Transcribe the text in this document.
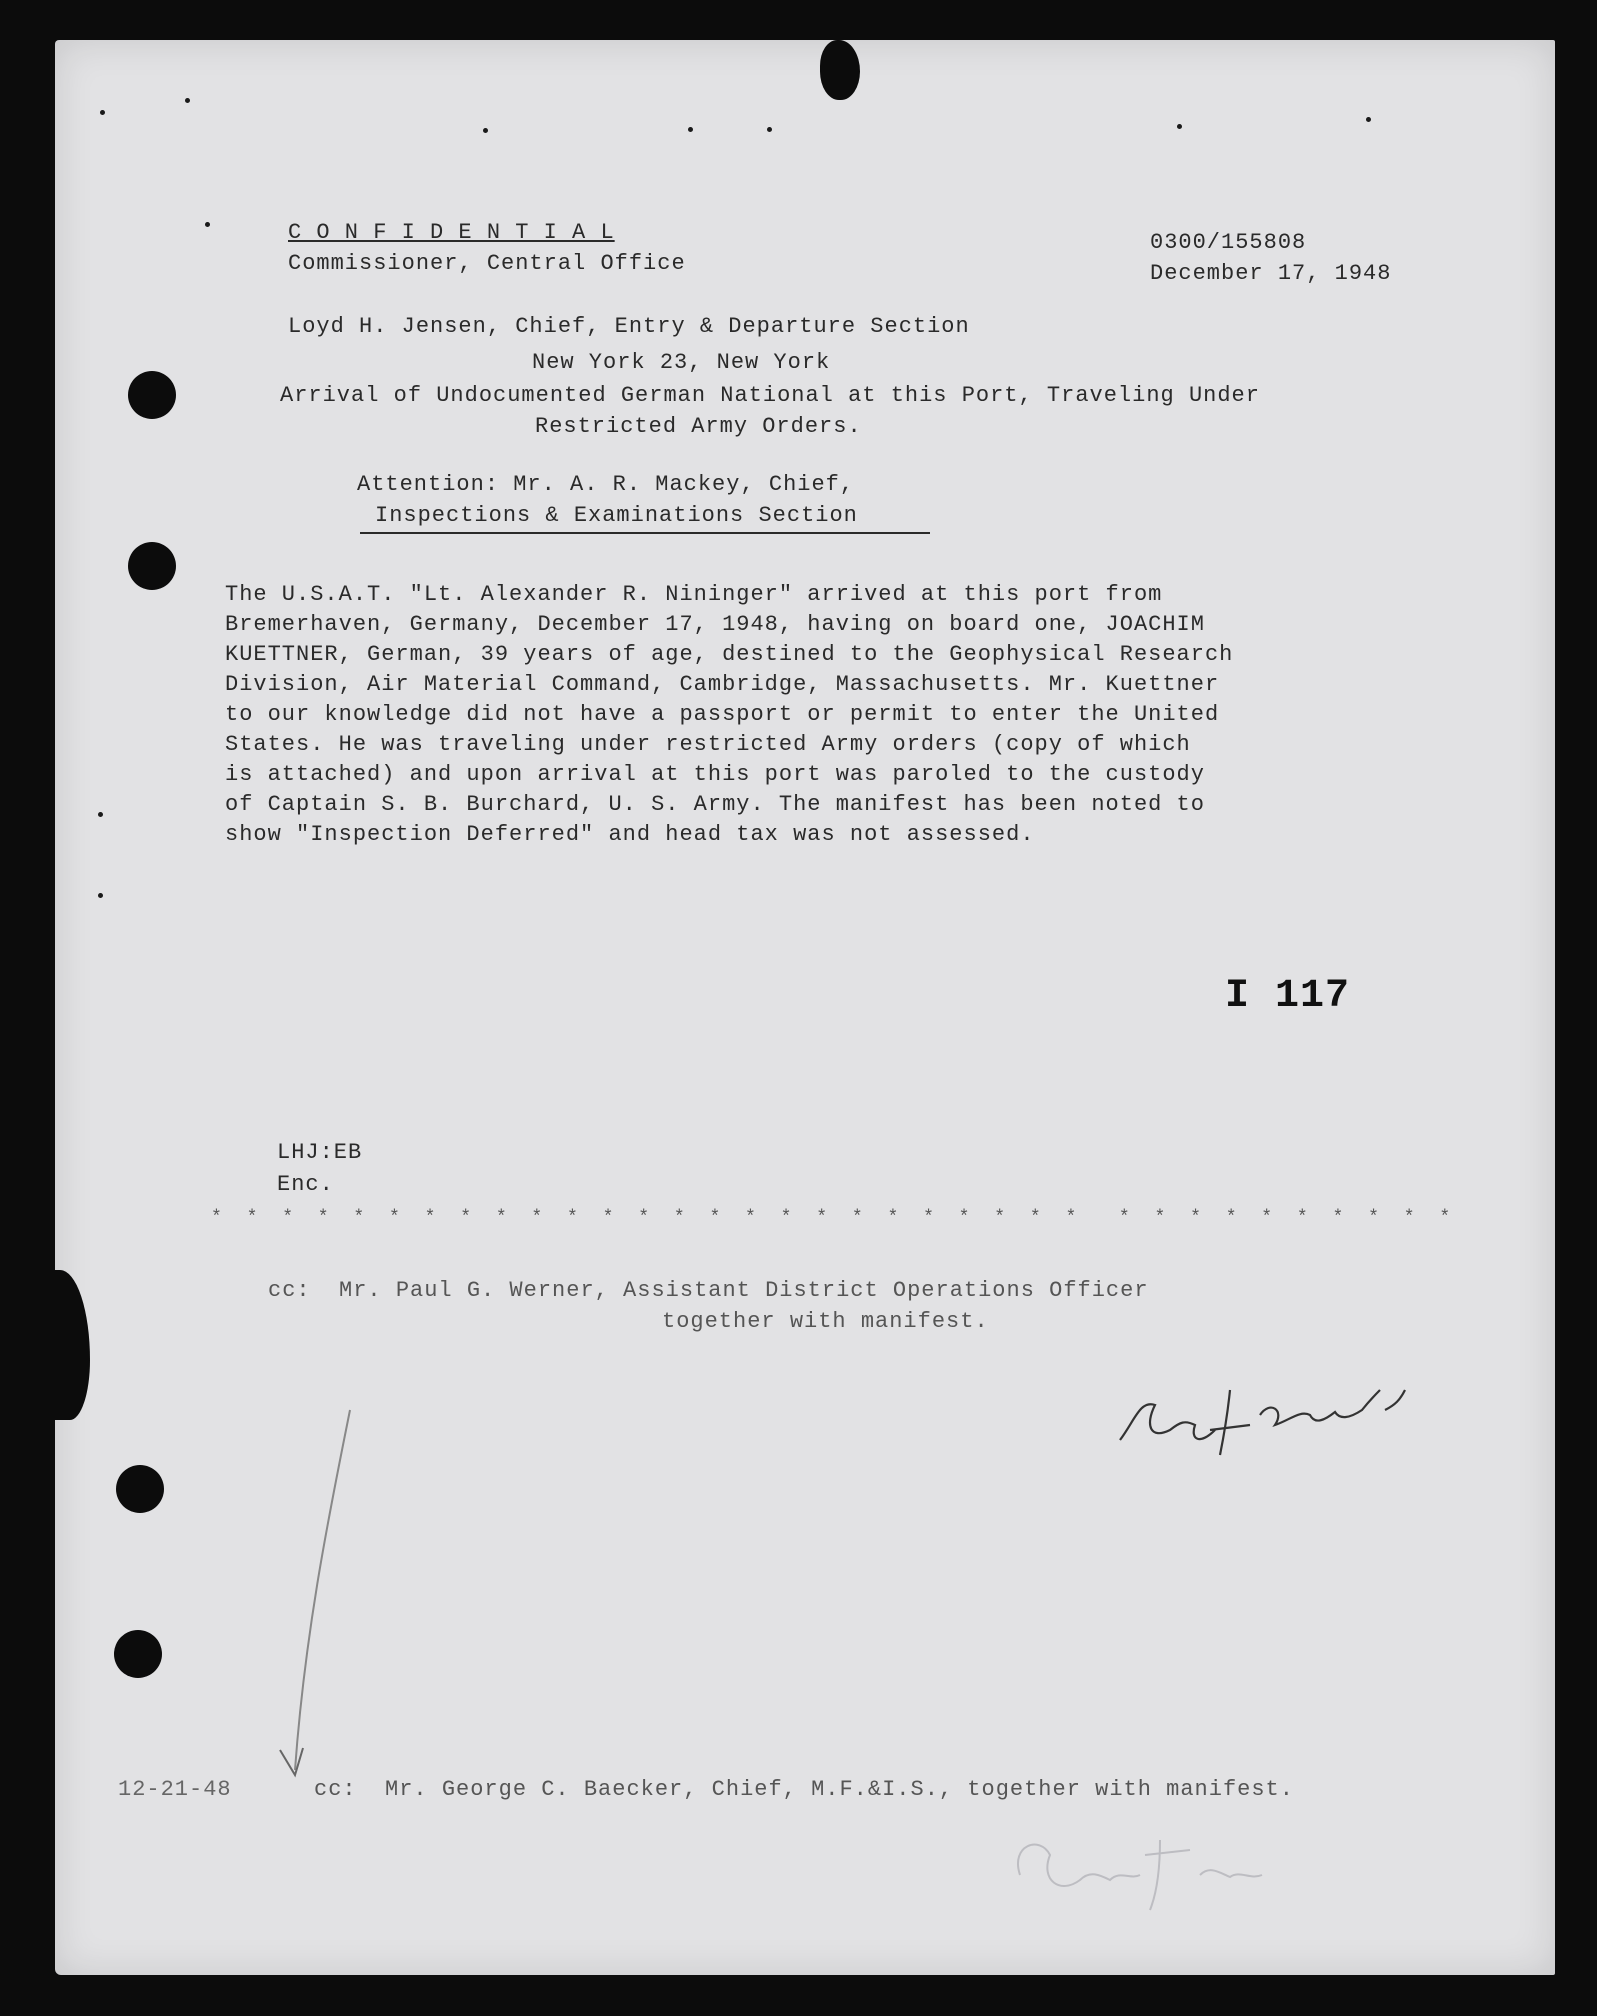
C O N F I D E N T I A L
Commissioner, Central Office
0300/155808
December 17, 1948
Loyd H. Jensen, Chief, Entry & Departure Section
New York 23, New York
Arrival of Undocumented German National at this Port, Traveling Under
Restricted Army Orders.
Attention: Mr. A. R. Mackey, Chief,
Inspections & Examinations Section
The U.S.A.T. "Lt. Alexander R. Nininger" arrived at this port from
Bremerhaven, Germany, December 17, 1948, having on board one, JOACHIM
KUETTNER, German, 39 years of age, destined to the Geophysical Research
Division, Air Material Command, Cambridge, Massachusetts. Mr. Kuettner
to our knowledge did not have a passport or permit to enter the United
States. He was traveling under restricted Army orders (copy of which
is attached) and upon arrival at this port was paroled to the custody
of Captain S. B. Burchard, U. S. Army. The manifest has been noted to
show "Inspection Deferred" and head tax was not assessed.
I 117
LHJ:EB
Enc.
* * * * * * * * * * * * * * * * * * * * * * * * *  * * * * * * * * * *
cc:  Mr. Paul G. Werner, Assistant District Operations Officer
together with manifest.
12-21-48	cc:  Mr. George C. Baecker, Chief, M.F.&I.S., together with manifest.
